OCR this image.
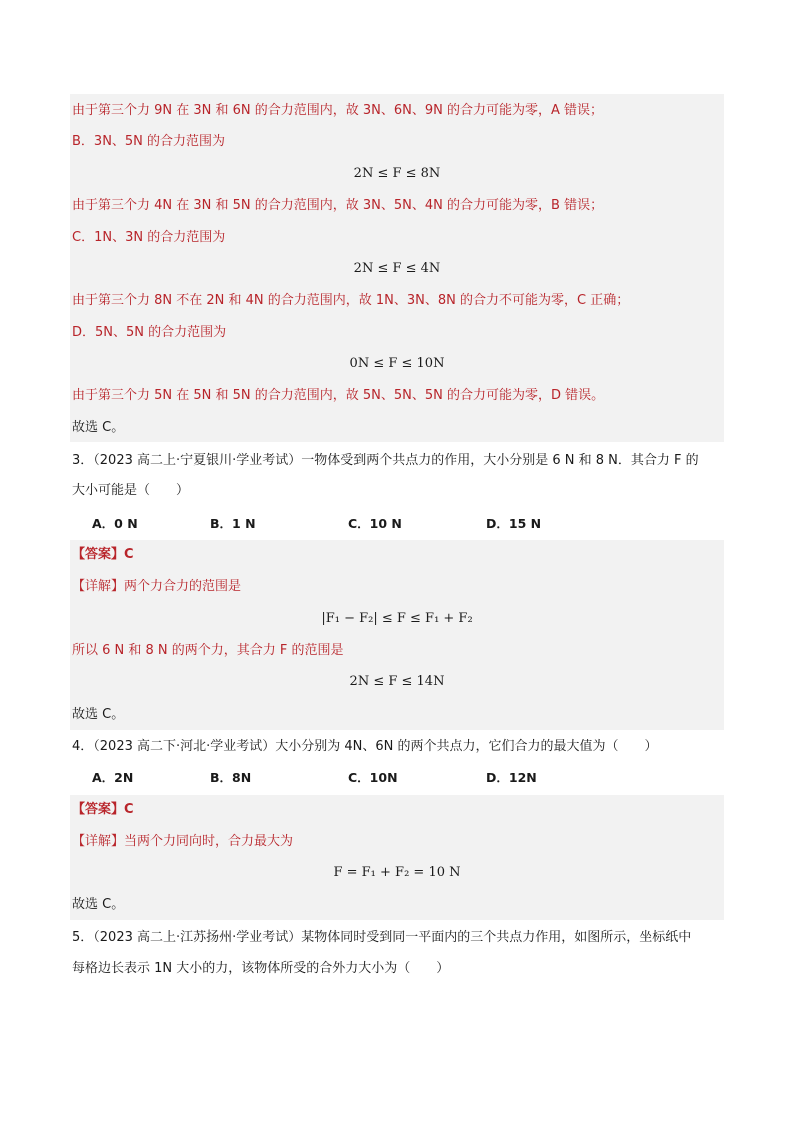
由于第三个力 9N 在 3N 和 6N 的合力范围内，故 3N、6N、9N 的合力可能为零，A 错误；
B．3N、5N 的合力范围为
2N ≤ F ≤ 8N
由于第三个力 4N 在 3N 和 5N 的合力范围内，故 3N、5N、4N 的合力可能为零，B 错误；
C．1N、3N 的合力范围为
2N ≤ F ≤ 4N
由于第三个力 8N 不在 2N 和 4N 的合力范围内，故 1N、3N、8N 的合力不可能为零，C 正确；
D．5N、5N 的合力范围为
0N ≤ F ≤ 10N
由于第三个力 5N 在 5N 和 5N 的合力范围内，故 5N、5N、5N 的合力可能为零，D 错误。
故选 C。
3．（2023 高二上·宁夏银川·学业考试）一物体受到两个共点力的作用，大小分别是 6 N 和 8 N．其合力 F 的
大小可能是（　　）
A．0 N	B．1 N	C．10 N	D．15 N
【答案】C
【详解】两个力合力的范围是
|F₁ − F₂| ≤ F ≤ F₁ + F₂
所以 6 N 和 8 N 的两个力，其合力 F 的范围是
2N ≤ F ≤ 14N
故选 C。
4．（2023 高二下·河北·学业考试）大小分别为 4N、6N 的两个共点力，它们合力的最大值为（　　）
A．2N	B．8N	C．10N	D．12N
【答案】C
【详解】当两个力同向时，合力最大为
F = F₁ + F₂ = 10 N
故选 C。
5．（2023 高二上·江苏扬州·学业考试）某物体同时受到同一平面内的三个共点力作用，如图所示，坐标纸中
每格边长表示 1N 大小的力，该物体所受的合外力大小为（　　）
